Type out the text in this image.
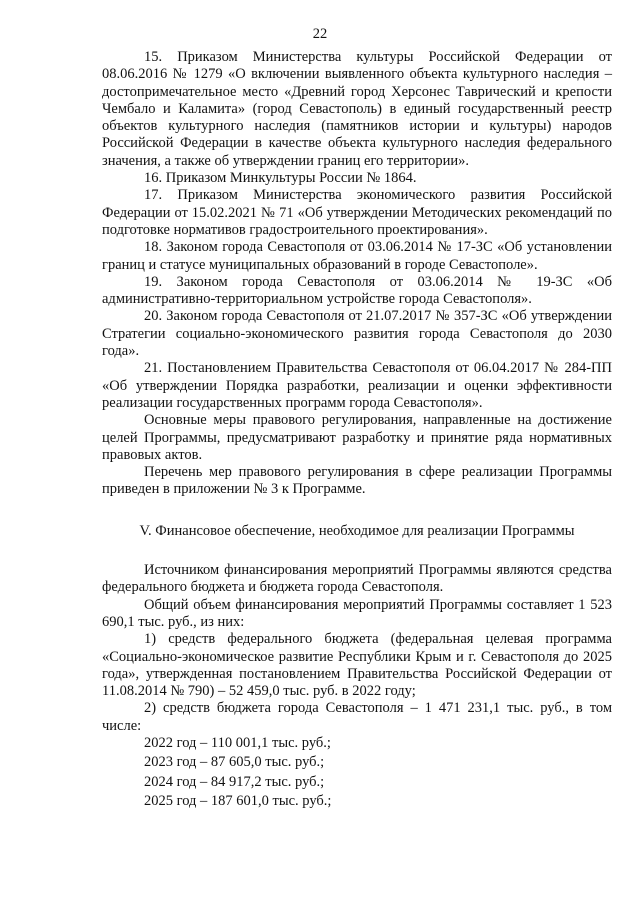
22

15. Приказом Министерства культуры Российской Федерации от 08.06.2016 № 1279 «О включении выявленного объекта культурного наследия – достопримечательное место «Древний город Херсонес Таврический и крепости Чембало и Каламита» (город Севастополь) в единый государственный реестр объектов культурного наследия (памятников истории и культуры) народов Российской Федерации в качестве объекта культурного наследия федерального значения, а также об утверждении границ его территории».

16. Приказом Минкультуры России № 1864.

17. Приказом Министерства экономического развития Российской Федерации от 15.02.2021 № 71 «Об утверждении Методических рекомендаций по подготовке нормативов градостроительного проектирования».

18. Законом города Севастополя от 03.06.2014 № 17-ЗС «Об установлении границ и статусе муниципальных образований в городе Севастополе».

19. Законом города Севастополя от 03.06.2014 № 19-ЗС «Об административно-территориальном устройстве города Севастополя».

20. Законом города Севастополя от 21.07.2017 № 357-ЗС «Об утверждении Стратегии социально-экономического развития города Севастополя до 2030 года».

21. Постановлением Правительства Севастополя от 06.04.2017 № 284-ПП «Об утверждении Порядка разработки, реализации и оценки эффективности реализации государственных программ города Севастополя».

Основные меры правового регулирования, направленные на достижение целей Программы, предусматривают разработку и принятие ряда нормативных правовых актов.

Перечень мер правового регулирования в сфере реализации Программы приведен в приложении № 3 к Программе.

V. Финансовое обеспечение, необходимое для реализации Программы

Источником финансирования мероприятий Программы являются средства федерального бюджета и бюджета города Севастополя.

Общий объем финансирования мероприятий Программы составляет 1 523 690,1 тыс. руб., из них:

1) средств федерального бюджета (федеральная целевая программа «Социально-экономическое развитие Республики Крым и г. Севастополя до 2025 года», утвержденная постановлением Правительства Российской Федерации от 11.08.2014 № 790) – 52 459,0 тыс. руб. в 2022 году;

2) средств бюджета города Севастополя – 1 471 231,1 тыс. руб., в том числе:

2022 год – 110 001,1 тыс. руб.;
2023 год – 87 605,0 тыс. руб.;
2024 год – 84 917,2 тыс. руб.;
2025 год – 187 601,0 тыс. руб.;
